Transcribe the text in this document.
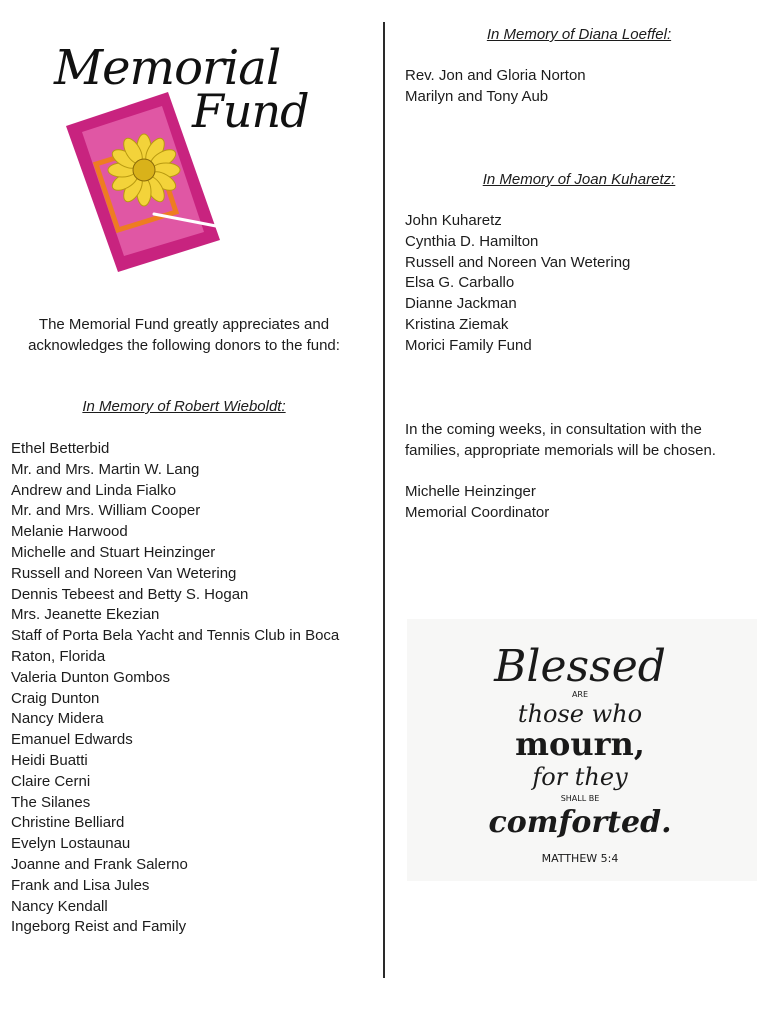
Memorial
Fund
The Memorial Fund greatly appreciates and acknowledges the following donors to the fund:
In Memory of Robert Wieboldt:
Ethel Betterbid
Mr. and Mrs. Martin W. Lang
Andrew and Linda Fialko
Mr. and Mrs. William Cooper
Melanie Harwood
Michelle and Stuart Heinzinger
Russell and Noreen Van Wetering
Dennis Tebeest and Betty S. Hogan
Mrs. Jeanette Ekezian
Staff of Porta Bela Yacht and Tennis Club in Boca
Raton, Florida
Valeria Dunton Gombos
Craig Dunton
Nancy Midera
Emanuel Edwards
Heidi Buatti
Claire Cerni
The Silanes
Christine Belliard
Evelyn Lostaunau
Joanne and Frank Salerno
Frank and Lisa Jules
Nancy Kendall
Ingeborg Reist and Family
In Memory of Diana Loeffel:
Rev. Jon and Gloria Norton
Marilyn and Tony Aub
In Memory of Joan Kuharetz:
John Kuharetz
Cynthia D. Hamilton
Russell and Noreen Van Wetering
Elsa G. Carballo
Dianne Jackman
Kristina Ziemak
Morici Family Fund
In the coming weeks, in consultation with the families, appropriate memorials will be chosen.
Michelle Heinzinger
Memorial Coordinator
Blessed
ARE
those who
mourn,
for they
SHALL BE
comforted.
MATTHEW 5:4
